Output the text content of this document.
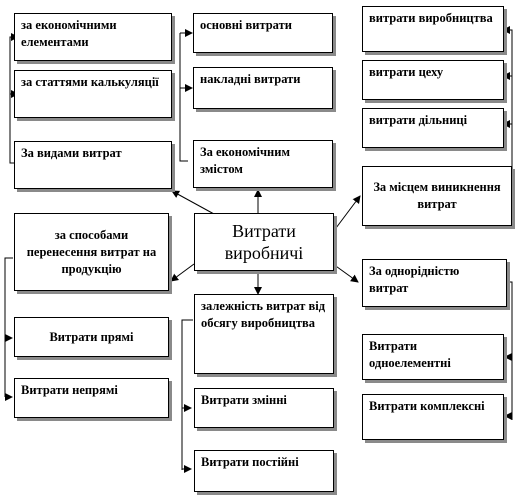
за економічними елементами
за статтями калькуляції
За видами витрат
основні витрати
накладні витрати
За економічним змістом
витрати виробництва
витрати цеху
витрати дільниці
За місцем виникнення витрат
Витрати виробничі
за способами перенесення витрат на продукцію
Витрати прямі
Витрати непрямі
залежність витрат від обсягу виробництва
Витрати змінні
Витрати постійні
За однорідністю витрат
Витрати одноелементні
Витрати комплексні
